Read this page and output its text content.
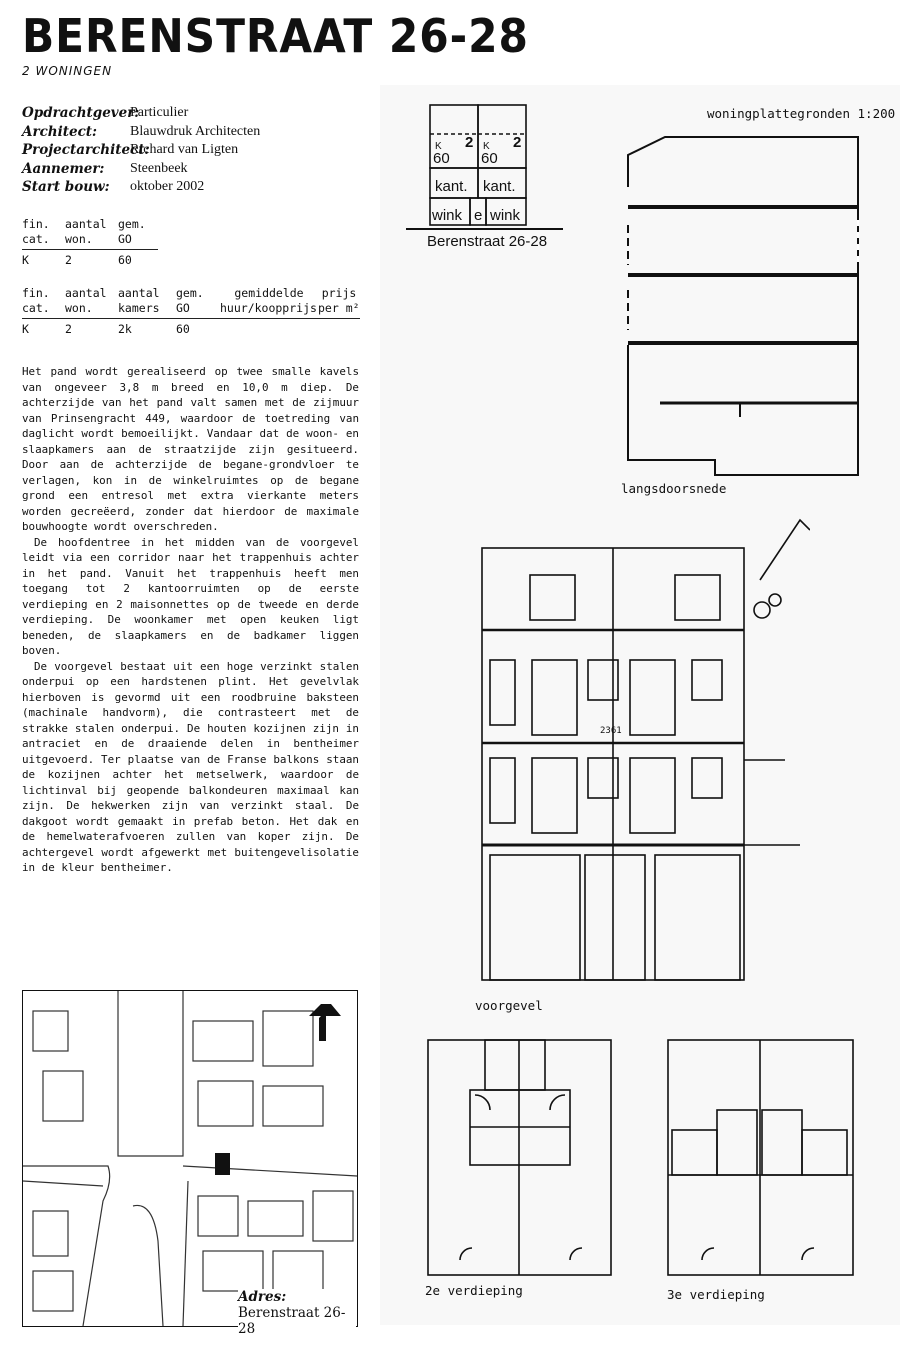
BERENSTRAAT 26-28
2 WONINGEN
Opdrachtgever:
Particulier
Architect:	Blauwdruk Architecten
Projectarchitect:
Richard van Ligten
Aannemer:	Steenbeek
Start bouw:	oktober 2002
fin.	aantal	gem.
cat.	won.	GO
K	2	60
fin.	aantal	aantal	gem.	gemiddelde	prijs
cat.	won.	kamers	GO	huur/koopprijs	per m²
K	2	2k	60		

Het pand wordt gerealiseerd op twee smalle kavels van ongeveer 3,8 m breed en 10,0 m diep. De achterzijde van het pand valt samen met de zijmuur van Prinsengracht 449, waardoor de toetreding van daglicht wordt bemoeilijkt. Vandaar dat de woon- en slaapkamers aan de straatzijde zijn gesitueerd. Door aan de achterzijde de begane-grondvloer te verlagen, kon in de winkelruimtes op de begane grond een entresol met extra vierkante meters worden gecreëerd, zonder dat hierdoor de maximale bouwhoogte wordt overschreden.

De hoofdentree in het midden van de voorgevel leidt via een corridor naar het trappenhuis achter in het pand. Vanuit het trappenhuis heeft men toegang tot 2 kantoorruimten op de eerste verdieping en 2 maisonnettes op de tweede en derde verdieping. De woonkamer met open keuken ligt beneden, de slaapkamers en de badkamer liggen boven.

De voorgevel bestaat uit een hoge verzinkt stalen onderpui op een hardstenen plint. Het gevelvlak hierboven is gevormd uit een roodbruine baksteen (machinale handvorm), die contrasteert met de strakke stalen onderpui. De houten kozijnen zijn in antraciet en de draaiende delen in bentheimer uitgevoerd. Ter plaatse van de Franse balkons staan de kozijnen achter het metselwerk, waardoor de lichtinval bij geopende balkondeuren maximaal kan zijn. De hekwerken zijn van verzinkt staal. De dakgoot wordt gemaakt in prefab beton. Het dak en de hemelwaterafvoeren zullen van koper zijn. De achtergevel wordt afgewerkt met buitengevelisolatie in de kleur bentheimer.

K 2
60
K 2
60
kant. kant.
wink e wink
Berenstraat 26-28
woningplattegronden 1:200
langsdoorsnede
2361
voorgevel
2e verdieping	3e verdieping
Adres:
Berenstraat 26-28
